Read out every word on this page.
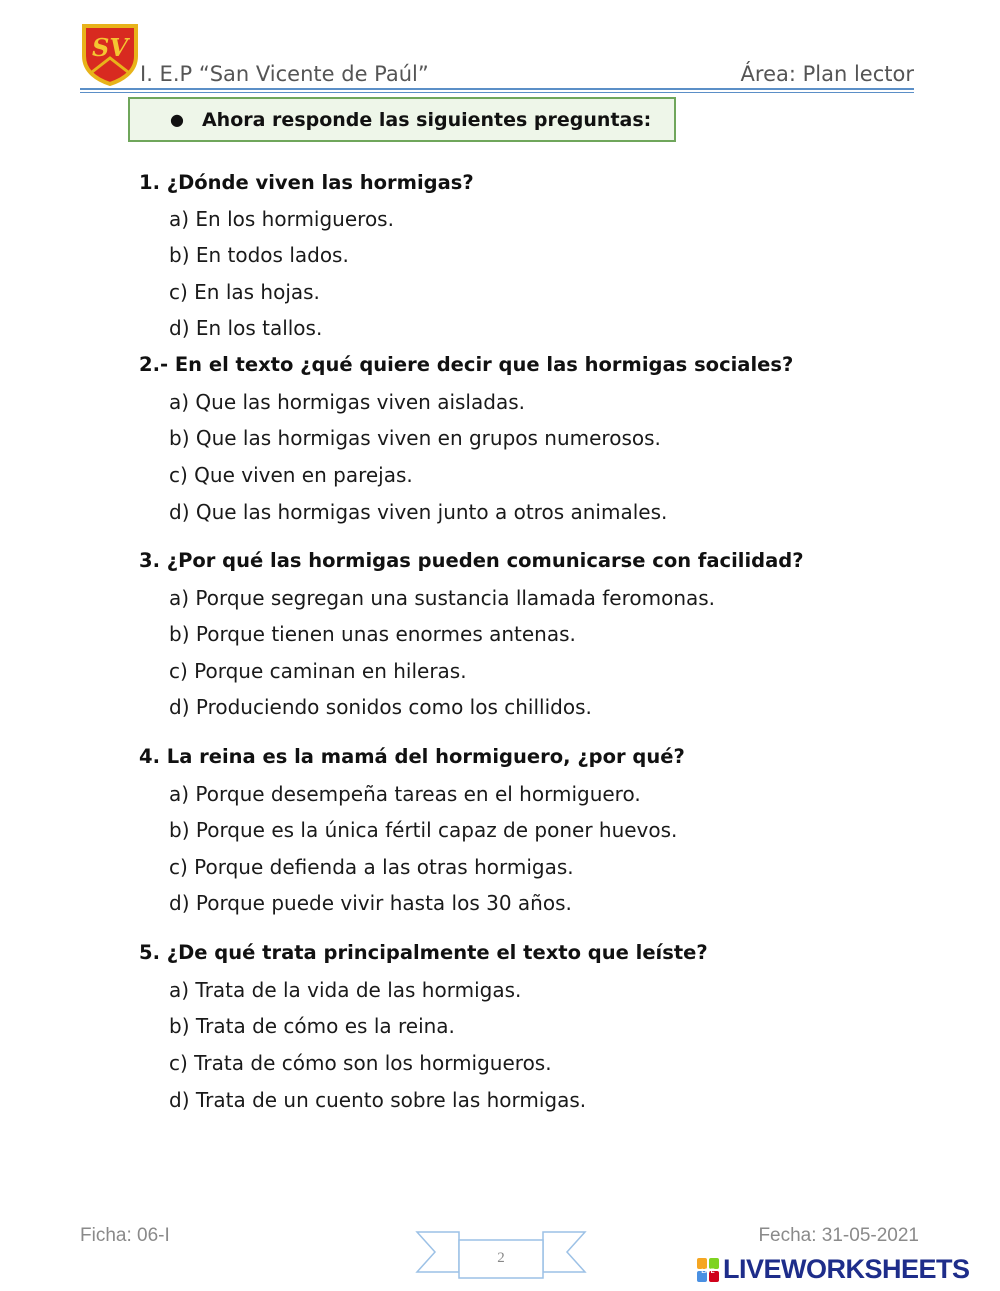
SV
I. E.P “San Vicente de Paúl”	Área: Plan lector
● Ahora responde las siguientes preguntas:
1. ¿Dónde viven las hormigas?
a) En los hormigueros.
b) En todos lados.
c) En las hojas.
d) En los tallos.
2.- En el texto ¿qué quiere decir que las hormigas sociales?
a) Que las hormigas viven aisladas.
b) Que las hormigas viven en grupos numerosos.
c) Que viven en parejas.
d) Que las hormigas viven junto a otros animales.
3. ¿Por qué las hormigas pueden comunicarse con facilidad?
a) Porque segregan una sustancia llamada feromonas.
b) Porque tienen unas enormes antenas.
c) Porque caminan en hileras.
d) Produciendo sonidos como los chillidos.
4. La reina es la mamá del hormiguero, ¿por qué?
a) Porque desempeña tareas en el hormiguero.
b) Porque es la única fértil capaz de poner huevos.
c) Porque defienda a las otras hormigas.
d) Porque puede vivir hasta los 30 años.
5. ¿De qué trata principalmente el texto que leíste?
a) Trata de la vida de las hormigas.
b) Trata de cómo es la reina.
c) Trata de cómo son los hormigueros.
d) Trata de un cuento sobre las hormigas.
Ficha: 06-I	Fecha: 31-05-2021
2
LIVE LIVEWORKSHEETS
